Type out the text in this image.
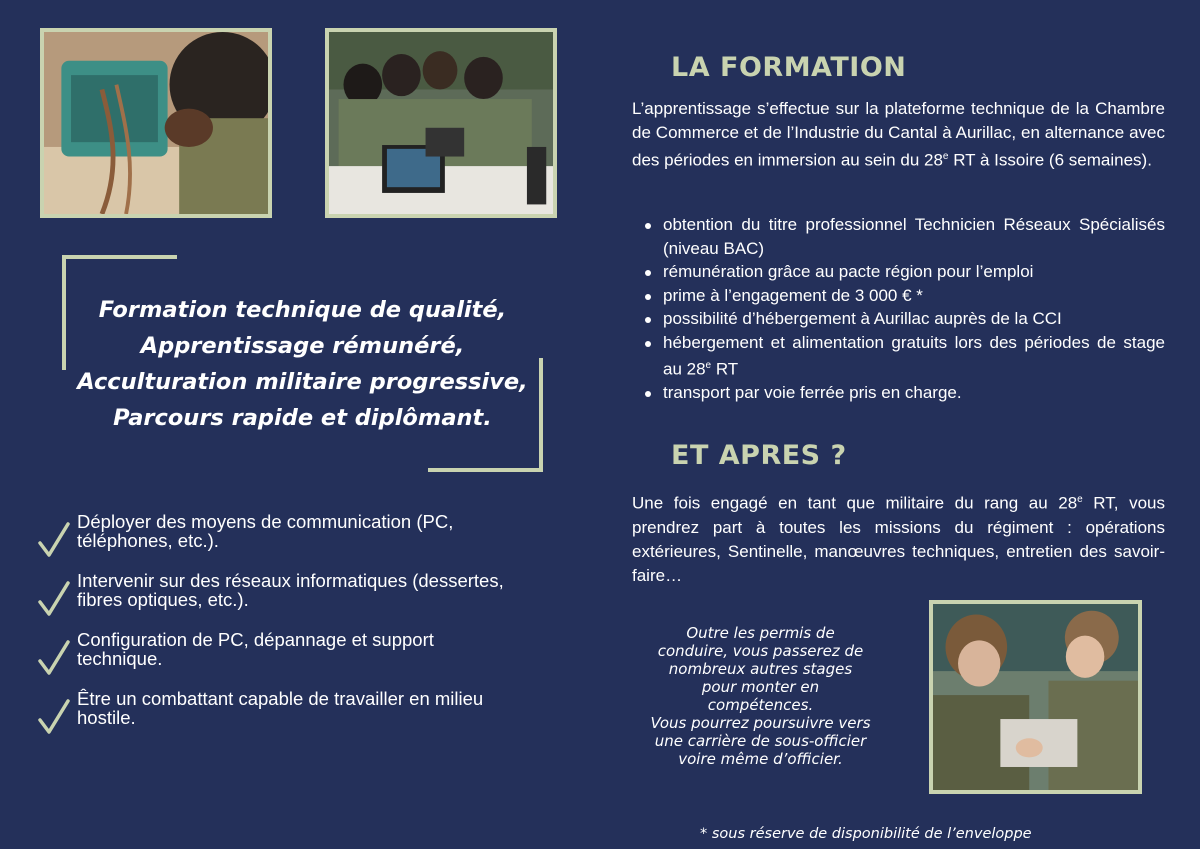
Formation technique de qualité,
Apprentissage rémunéré,
Acculturation militaire progressive,
Parcours rapide et diplômant.
Déployer des moyens de communication (PC,
téléphones, etc.).
Intervenir sur des réseaux informatiques (dessertes,
fibres optiques, etc.).
Configuration de PC, dépannage et support
technique.
Être un combattant capable de travailler en milieu
hostile.
LA FORMATION
L’apprentissage s’effectue sur la plateforme technique de la Chambre de Commerce et de l’Industrie du Cantal à Aurillac, en alternance avec des périodes en immersion au sein du 28e RT à Issoire (6 semaines).
obtention du titre professionnel Technicien Réseaux Spécialisés (niveau BAC)
rémunération grâce au pacte région pour l’emploi
prime à l’engagement de 3 000 € *
possibilité d’hébergement à Aurillac auprès de la CCI
hébergement et alimentation gratuits lors des périodes de stage au 28e RT
transport par voie ferrée pris en charge.
ET APRES ?
Une fois engagé en tant que militaire du rang au 28e RT, vous prendrez part à toutes les missions du régiment : opérations extérieures, Sentinelle, manœuvres techniques, entretien des savoir-faire…
Outre les permis de
conduire, vous passerez de
nombreux autres stages
pour monter en
compétences.
Vous pourrez poursuivre vers
une carrière de sous-officier
voire même d’officier.
* sous réserve de disponibilité de l’enveloppe
